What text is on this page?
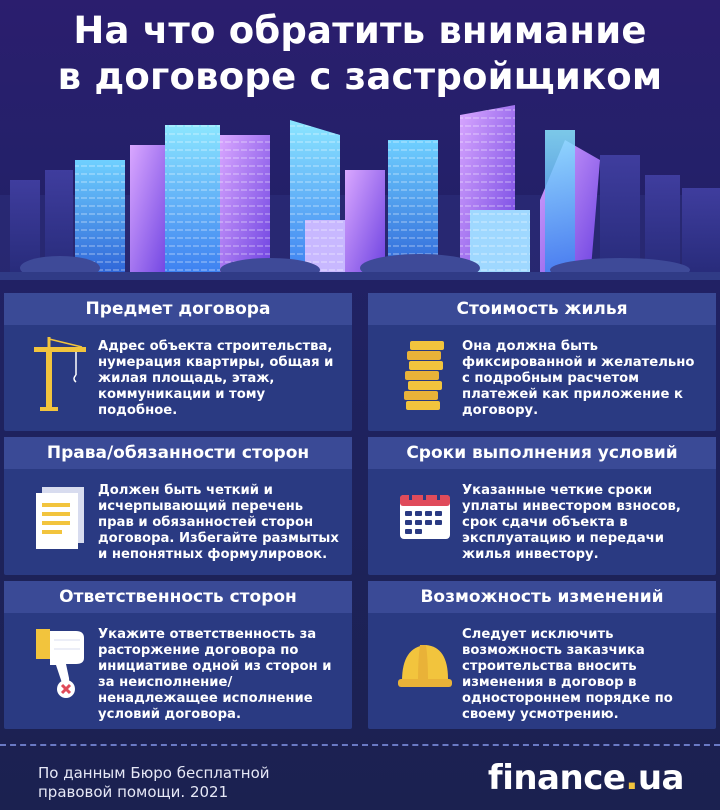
На что обратить внимание
в договоре с застройщиком
Предмет договора
Адрес объекта строительства, нумерация квартиры, общая и жилая площадь, этаж, коммуникации и тому подобное.
Стоимость жилья
Она должна быть фиксированной и желательно с подробным расчетом платежей как приложение к договору.
Права/обязанности сторон
Должен быть четкий и исчерпывающий перечень прав и обязанностей сторон договора. Избегайте размытых и непонятных формулировок.
Сроки выполнения условий
Указанные четкие сроки уплаты инвестором взносов, срок сдачи объекта в эксплуатацию и передачи жилья инвестору.
Ответственность сторон
Укажите ответственность за расторжение договора по инициативе одной из сторон и за неисполнение/ ненадлежащее исполнение условий договора.
Возможность изменений
Следует исключить возможность заказчика строительства вносить изменения в договор в одностороннем порядке по своему усмотрению.
По данным Бюро бесплатной
правовой помощи. 2021	finance.ua
